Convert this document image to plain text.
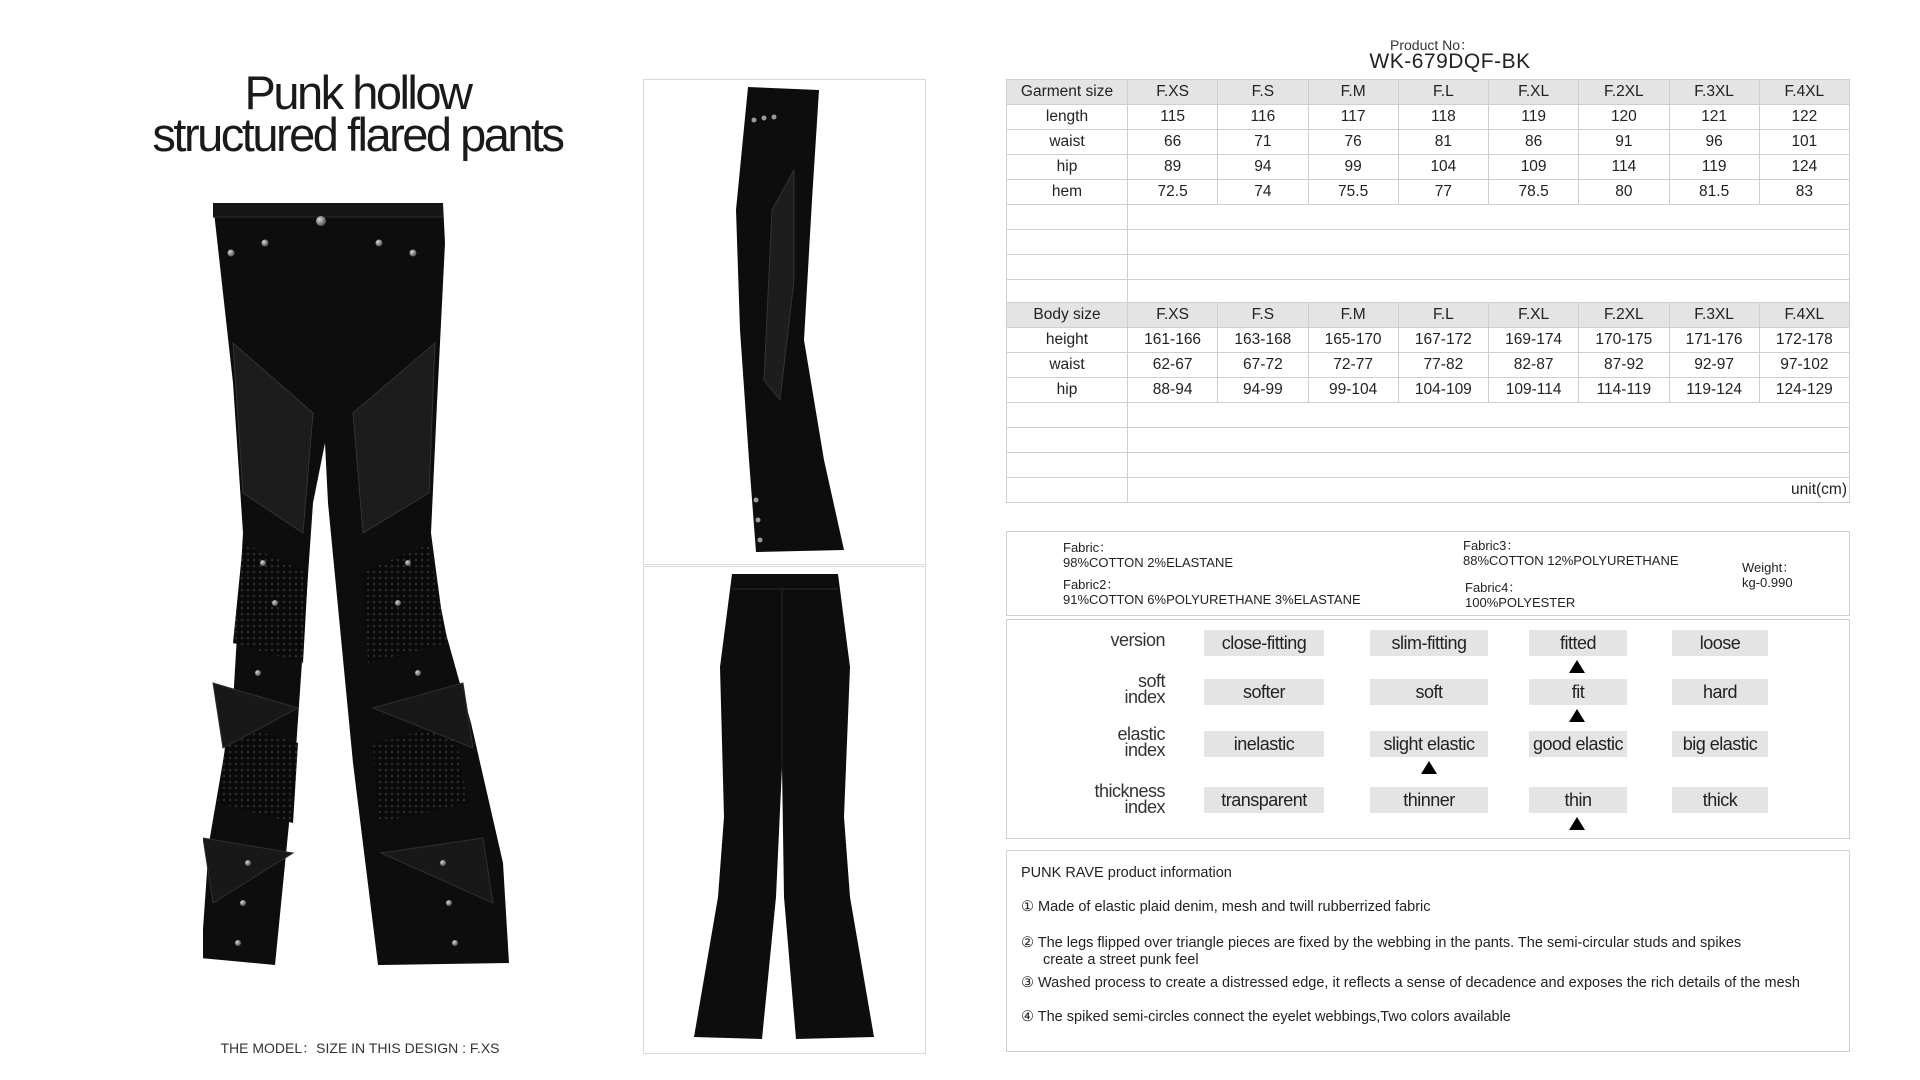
Punk hollow
structured flared pants
THE MODEL：SIZE IN THIS DESIGN : F.XS
Product No：
WK-679DQF-BK
Garment size	F.XS	F.S	F.M	F.L	F.XL	F.2XL	F.3XL	F.4XL
length	115	116	117	118	119	120	121	122
waist	66	71	76	81	86	91	96	101
hip	89	94	99	104	109	114	119	124
hem	72.5	74	75.5	77	78.5	80	81.5	83

Body size	F.XS	F.S	F.M	F.L	F.XL	F.2XL	F.3XL	F.4XL
height	161-166	163-168	165-170	167-172	169-174	170-175	171-176	172-178
waist	62-67	67-72	72-77	77-82	82-87	87-92	92-97	97-102
hip	88-94	94-99	99-104	104-109	109-114	114-119	119-124	124-129

	unit(cm)							
Fabric：
98%COTTON 2%ELASTANE
Fabric2：
91%COTTON 6%POLYURETHANE 3%ELASTANE
Fabric3：
88%COTTON 12%POLYURETHANE
Fabric4：
100%POLYESTER
Weight：
kg-0.990
version	close-fitting	slim-fitting	fitted	loose
soft
index	softer	soft	fit	hard
elastic
index	inelastic	slight elastic	good elastic	big elastic
thickness
index	transparent	thinner	thin	thick
PUNK RAVE product information
① Made of elastic plaid denim, mesh and twill rubberrized fabric
② The legs flipped over triangle pieces are fixed by the webbing in the pants. The semi-circular studs and spikes
create a street punk feel
③ Washed process to create a distressed edge, it reflects a sense of decadence and exposes the rich details of the mesh
④ The spiked semi-circles connect the eyelet webbings,Two colors available
